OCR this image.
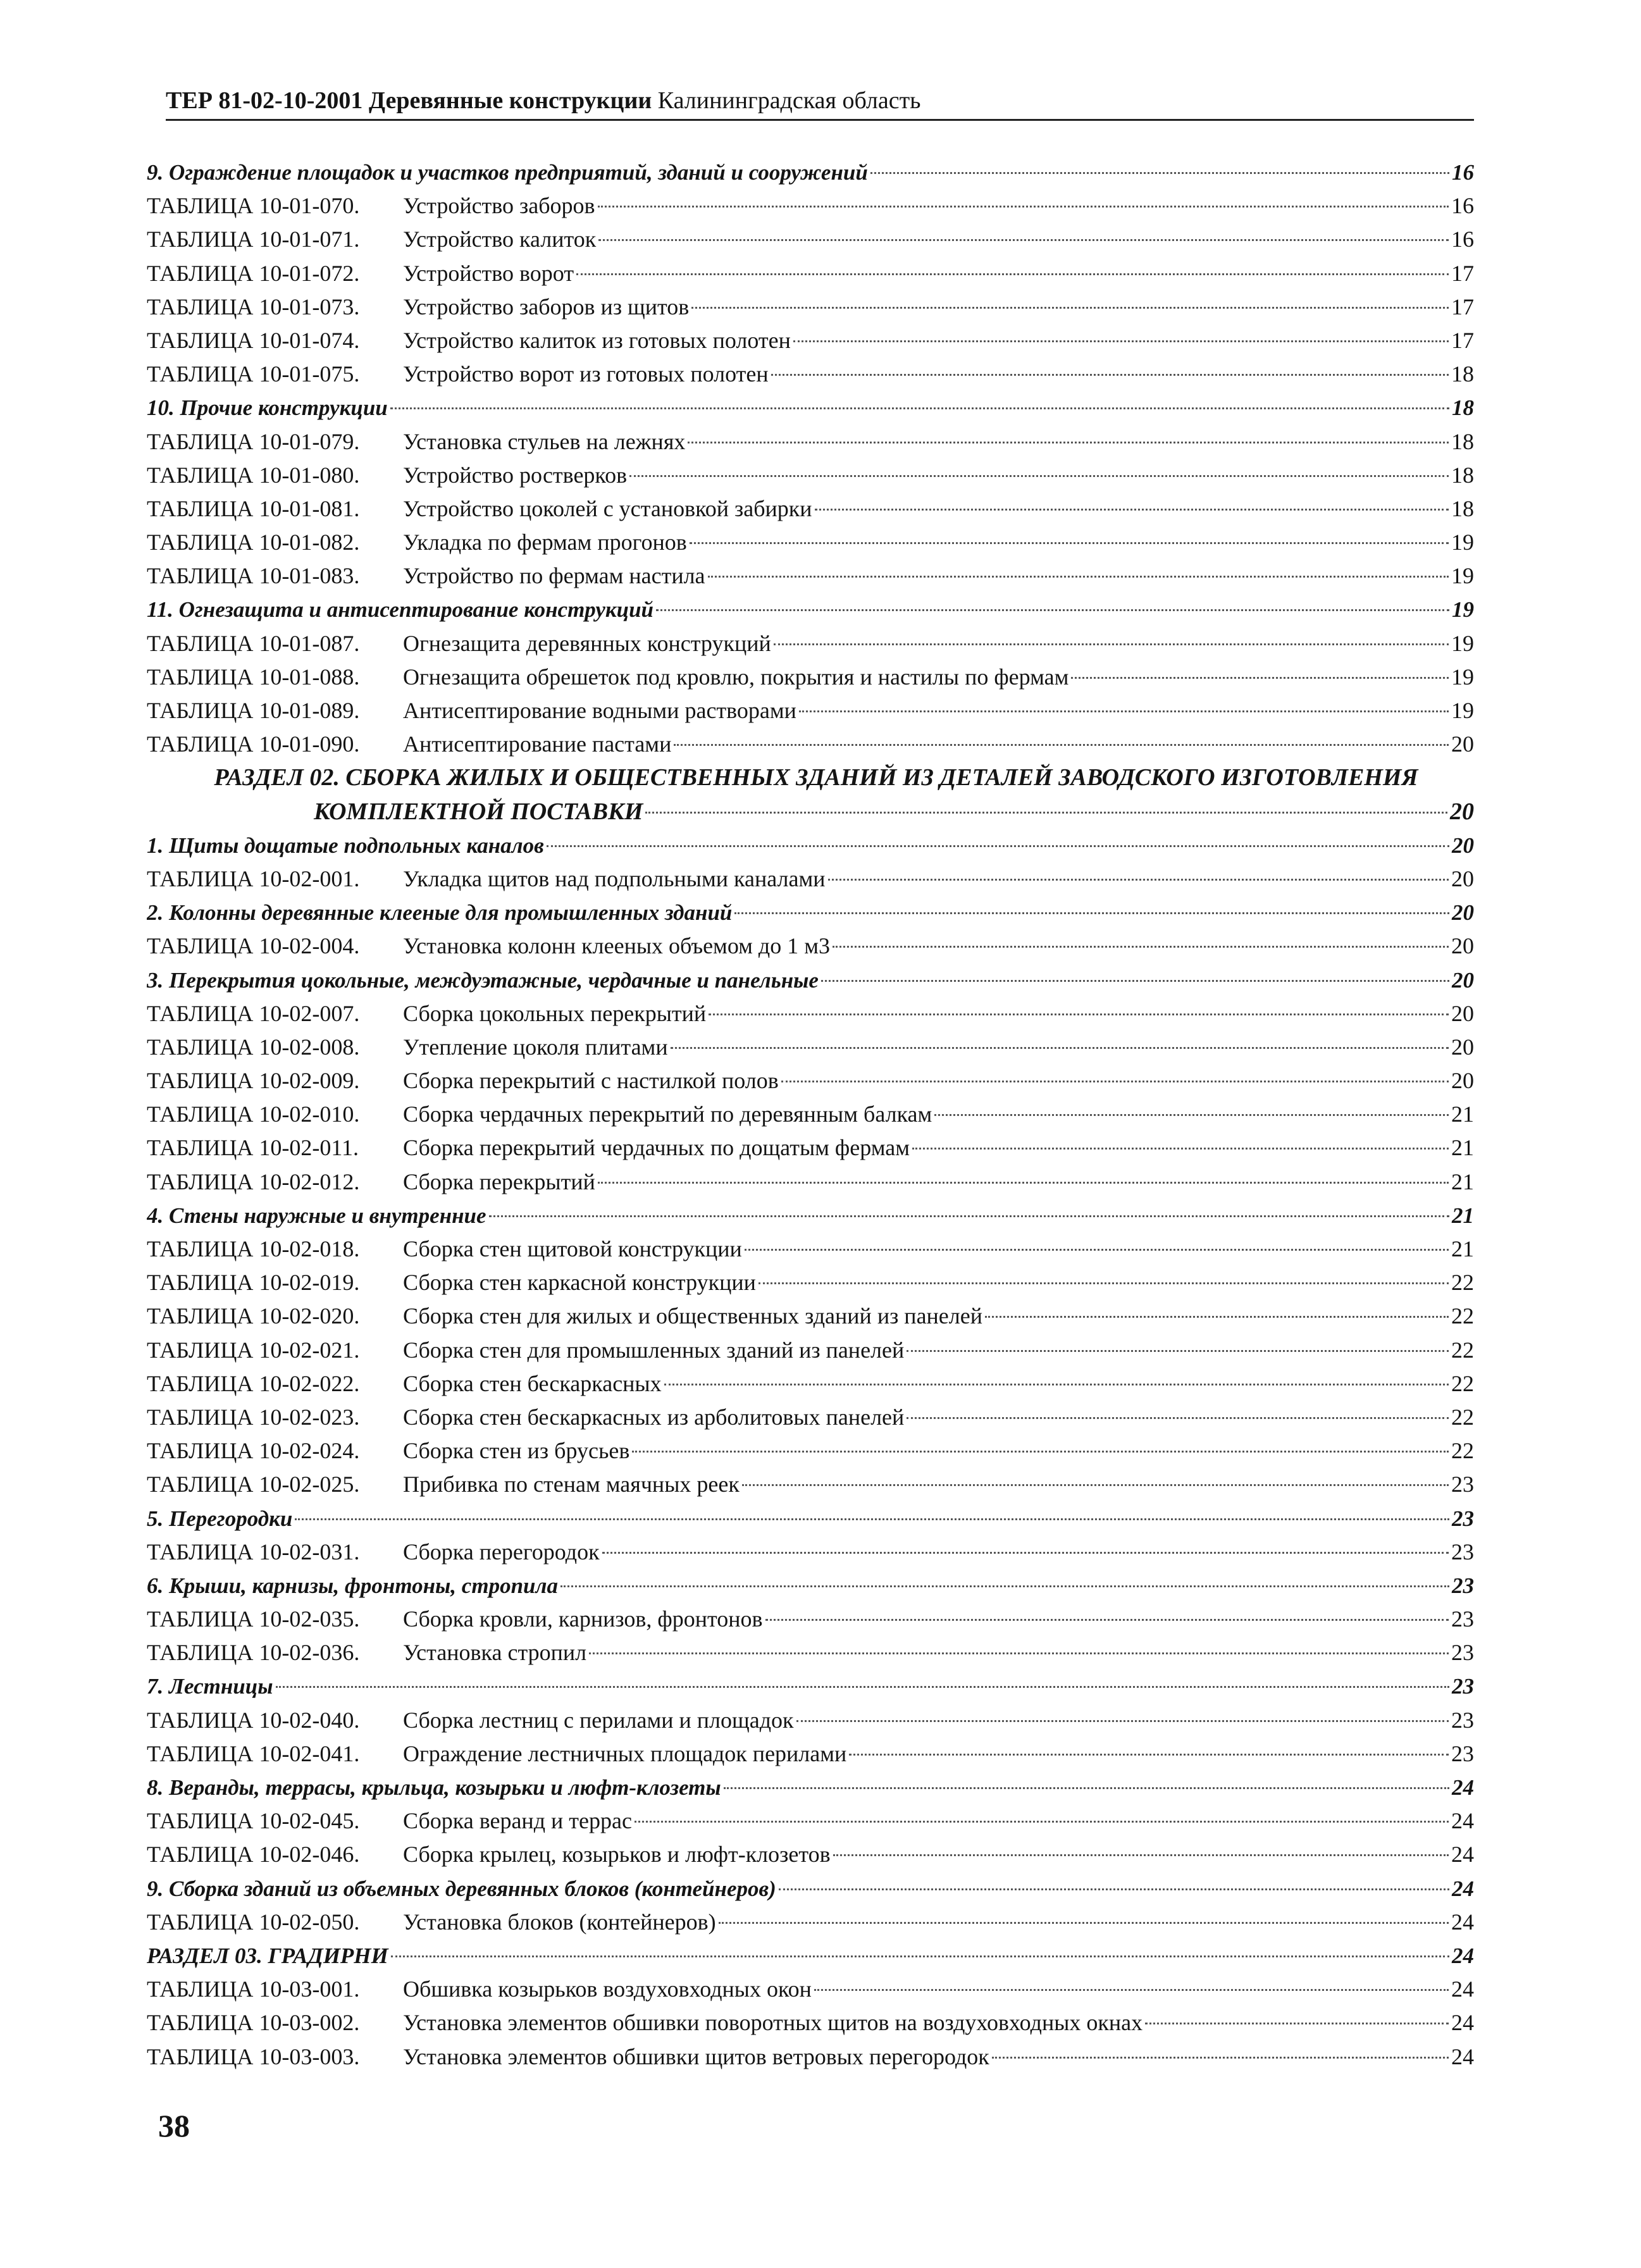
ТЕР 81-02-10-2001 Деревянные конструкции Калининградская область
9. Ограждение площадок и участков предприятий, зданий и сооружений	16
ТАБЛИЦА 10-01-070. Устройство заборов	16
ТАБЛИЦА 10-01-071. Устройство калиток	16
ТАБЛИЦА 10-01-072. Устройство ворот	17
ТАБЛИЦА 10-01-073. Устройство заборов из щитов	17
ТАБЛИЦА 10-01-074. Устройство калиток из готовых полотен	17
ТАБЛИЦА 10-01-075. Устройство ворот из готовых полотен	18
10. Прочие конструкции	18
ТАБЛИЦА 10-01-079. Установка стульев на лежнях	18
ТАБЛИЦА 10-01-080. Устройство ростверков	18
ТАБЛИЦА 10-01-081. Устройство цоколей с установкой забирки	18
ТАБЛИЦА 10-01-082. Укладка по фермам прогонов	19
ТАБЛИЦА 10-01-083. Устройство по фермам настила	19
11. Огнезащита и антисептирование конструкций	19
ТАБЛИЦА 10-01-087. Огнезащита деревянных конструкций	19
ТАБЛИЦА 10-01-088. Огнезащита обрешеток под кровлю, покрытия и настилы по фермам	19
ТАБЛИЦА 10-01-089. Антисептирование водными растворами	19
ТАБЛИЦА 10-01-090. Антисептирование пастами	20
РАЗДЕЛ 02. СБОРКА ЖИЛЫХ И ОБЩЕСТВЕННЫХ ЗДАНИЙ ИЗ ДЕТАЛЕЙ ЗАВОДСКОГО ИЗГОТОВЛЕНИЯ
КОМПЛЕКТНОЙ ПОСТАВКИ	20
1. Щиты дощатые подпольных каналов	20
ТАБЛИЦА 10-02-001. Укладка щитов над подпольными каналами	20
2. Колонны деревянные клееные для промышленных зданий	20
ТАБЛИЦА 10-02-004. Установка колонн клееных объемом до 1 м3	20
3. Перекрытия цокольные, междуэтажные, чердачные и панельные	20
ТАБЛИЦА 10-02-007. Сборка цокольных перекрытий	20
ТАБЛИЦА 10-02-008. Утепление цоколя плитами	20
ТАБЛИЦА 10-02-009. Сборка перекрытий с настилкой полов	20
ТАБЛИЦА 10-02-010. Сборка чердачных перекрытий по деревянным балкам	21
ТАБЛИЦА 10-02-011. Сборка перекрытий чердачных по дощатым фермам	21
ТАБЛИЦА 10-02-012. Сборка перекрытий	21
4. Стены наружные и внутренние	21
ТАБЛИЦА 10-02-018. Сборка стен щитовой конструкции	21
ТАБЛИЦА 10-02-019. Сборка стен каркасной конструкции	22
ТАБЛИЦА 10-02-020. Сборка стен для жилых и общественных зданий из панелей	22
ТАБЛИЦА 10-02-021. Сборка стен для промышленных зданий из панелей	22
ТАБЛИЦА 10-02-022. Сборка стен бескаркасных	22
ТАБЛИЦА 10-02-023. Сборка стен бескаркасных из арболитовых панелей	22
ТАБЛИЦА 10-02-024. Сборка стен из брусьев	22
ТАБЛИЦА 10-02-025. Прибивка по стенам маячных реек	23
5. Перегородки	23
ТАБЛИЦА 10-02-031. Сборка перегородок	23
6. Крыши, карнизы, фронтоны, стропила	23
ТАБЛИЦА 10-02-035. Сборка кровли, карнизов, фронтонов	23
ТАБЛИЦА 10-02-036. Установка стропил	23
7. Лестницы	23
ТАБЛИЦА 10-02-040. Сборка лестниц с перилами и площадок	23
ТАБЛИЦА 10-02-041. Ограждение лестничных площадок перилами	23
8. Веранды, террасы, крыльца, козырьки и люфт-клозеты	24
ТАБЛИЦА 10-02-045. Сборка веранд и террас	24
ТАБЛИЦА 10-02-046. Сборка крылец, козырьков и люфт-клозетов	24
9. Сборка зданий из объемных деревянных блоков (контейнеров)	24
ТАБЛИЦА 10-02-050. Установка блоков (контейнеров)	24
РАЗДЕЛ 03. ГРАДИРНИ	24
ТАБЛИЦА 10-03-001. Обшивка козырьков воздуховходных окон	24
ТАБЛИЦА 10-03-002. Установка элементов обшивки поворотных щитов на воздуховходных окнах	24
ТАБЛИЦА 10-03-003. Установка элементов обшивки щитов ветровых перегородок	24
38
